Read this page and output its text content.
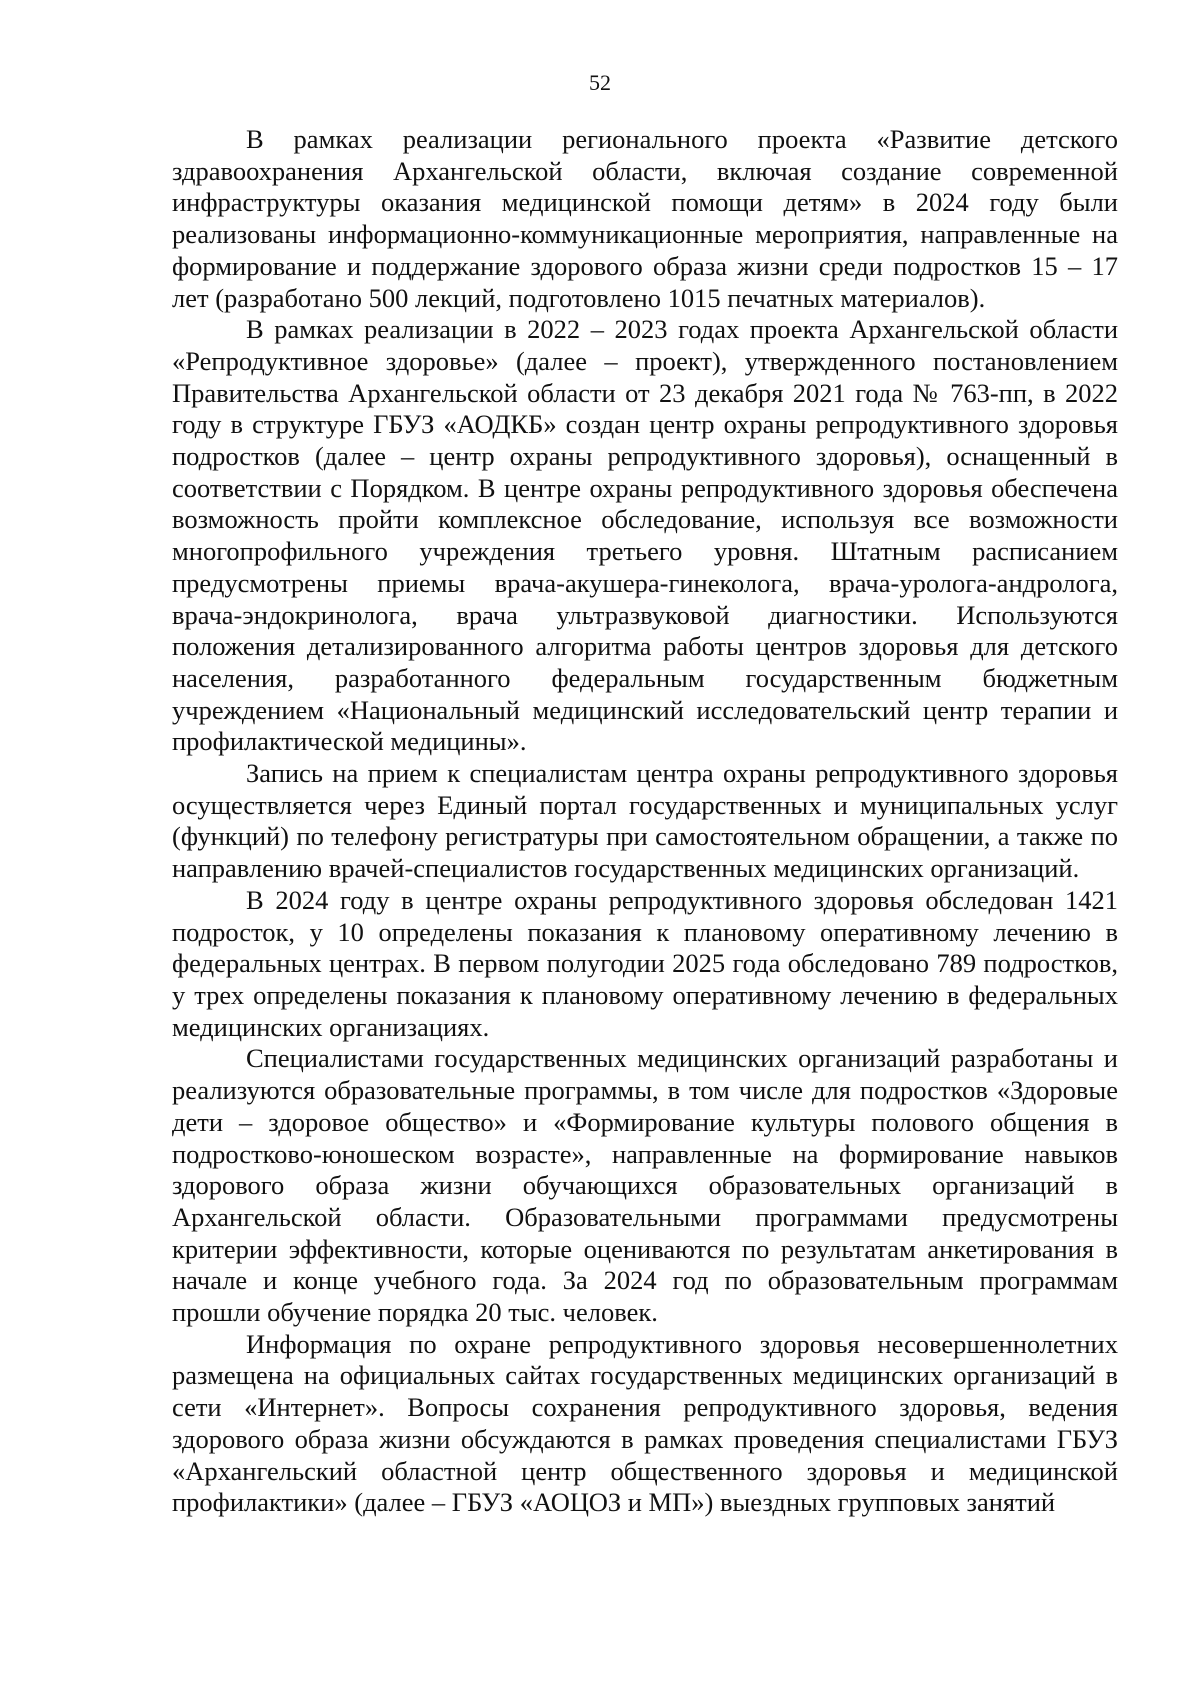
52

В рамках реализации регионального проекта «Развитие детского здравоохранения Архангельской области, включая создание современной инфраструктуры оказания медицинской помощи детям» в 2024 году были реализованы информационно-коммуникационные мероприятия, направленные на формирование и поддержание здорового образа жизни среди подростков 15 – 17 лет (разработано 500 лекций, подготовлено 1015 печатных материалов).

В рамках реализации в 2022 – 2023 годах проекта Архангельской области «Репродуктивное здоровье» (далее – проект), утвержденного постановлением Правительства Архангельской области от 23 декабря 2021 года № 763-пп, в 2022 году в структуре ГБУЗ «АОДКБ» создан центр охраны репродуктивного здоровья подростков (далее – центр охраны репродуктивного здоровья), оснащенный в соответствии с Порядком. В центре охраны репродуктивного здоровья обеспечена возможность пройти комплексное обследование, используя все возможности многопрофильного учреждения третьего уровня. Штатным расписанием предусмотрены приемы врача-акушера-гинеколога, врача-уролога-андролога, врача-эндокринолога, врача ультразвуковой диагностики. Используются положения детализированного алгоритма работы центров здоровья для детского населения, разработанного федеральным государственным бюджетным учреждением «Национальный медицинский исследовательский центр терапии и профилактической медицины».

Запись на прием к специалистам центра охраны репродуктивного здоровья осуществляется через Единый портал государственных и муниципальных услуг (функций) по телефону регистратуры при самостоятельном обращении, а также по направлению врачей-специалистов государственных медицинских организаций.

В 2024 году в центре охраны репродуктивного здоровья обследован 1421 подросток, у 10 определены показания к плановому оперативному лечению в федеральных центрах. В первом полугодии 2025 года обследовано 789 подростков, у трех определены показания к плановому оперативному лечению в федеральных медицинских организациях.

Специалистами государственных медицинских организаций разработаны и реализуются образовательные программы, в том числе для подростков «Здоровые дети – здоровое общество» и «Формирование культуры полового общения в подростково-юношеском возрасте», направленные на формирование навыков здорового образа жизни обучающихся образовательных организаций в Архангельской области. Образовательными программами предусмотрены критерии эффективности, которые оцениваются по результатам анкетирования в начале и конце учебного года. За 2024 год по образовательным программам прошли обучение порядка 20 тыс. человек.

Информация по охране репродуктивного здоровья несовершеннолетних размещена на официальных сайтах государственных медицинских организаций в сети «Интернет». Вопросы сохранения репродуктивного здоровья, ведения здорового образа жизни обсуждаются в рамках проведения специалистами ГБУЗ «Архангельский областной центр общественного здоровья и медицинской профилактики» (далее – ГБУЗ «АОЦОЗ и МП») выездных групповых занятий
